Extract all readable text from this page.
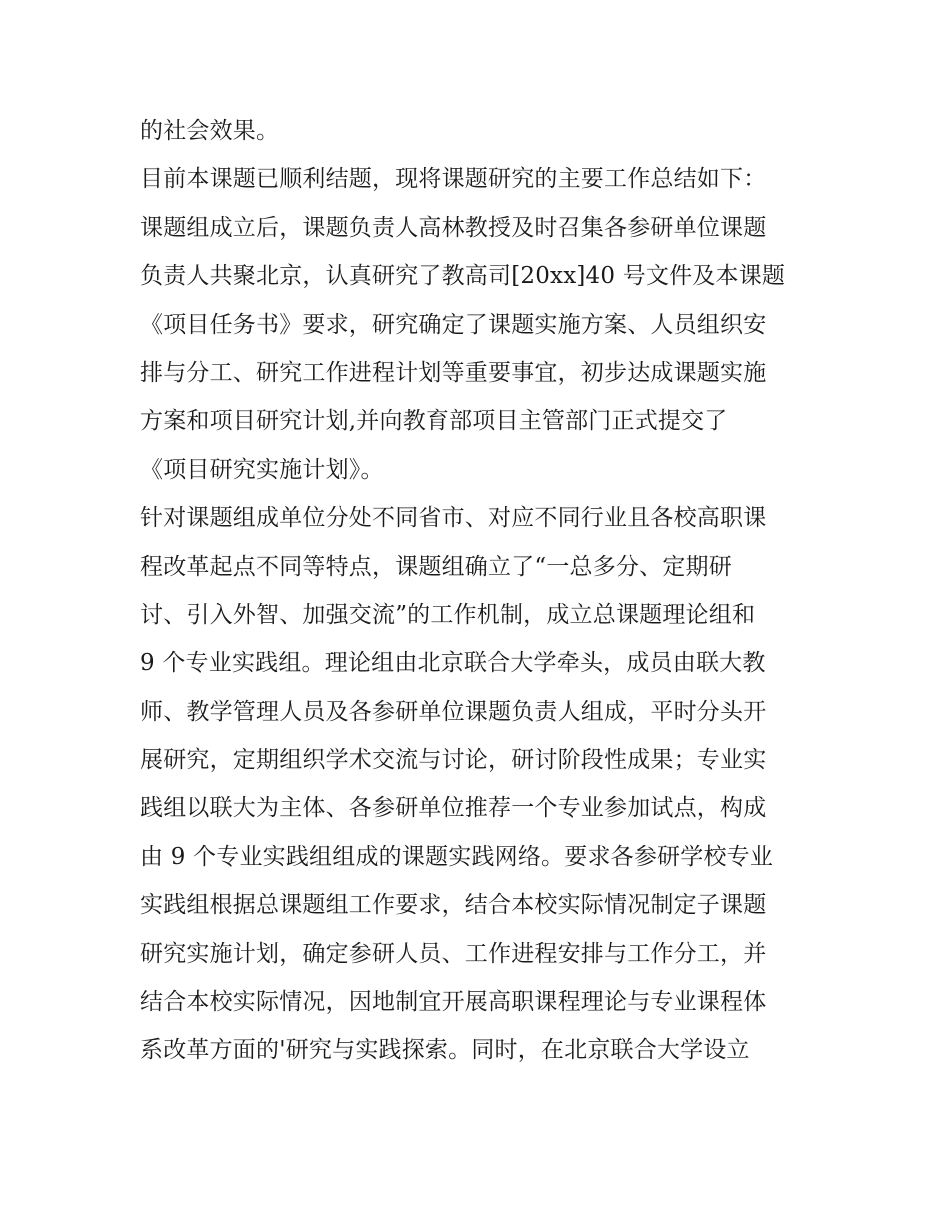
的社会效果。
目前本课题已顺利结题，现将课题研究的主要工作总结如下：
课题组成立后，课题负责人高林教授及时召集各参研单位课题
负责人共聚北京，认真研究了教高司[20xx]40 号文件及本课题
《项目任务书》要求，研究确定了课题实施方案、人员组织安
排与分工、研究工作进程计划等重要事宜，初步达成课题实施
方案和项目研究计划,并向教育部项目主管部门正式提交了
《项目研究实施计划》。
针对课题组成单位分处不同省市、对应不同行业且各校高职课
程改革起点不同等特点，课题组确立了“一总多分、定期研
讨、引入外智、加强交流”的工作机制，成立总课题理论组和
9 个专业实践组。理论组由北京联合大学牵头，成员由联大教
师、教学管理人员及各参研单位课题负责人组成，平时分头开
展研究，定期组织学术交流与讨论，研讨阶段性成果；专业实
践组以联大为主体、各参研单位推荐一个专业参加试点，构成
由 9 个专业实践组组成的课题实践网络。要求各参研学校专业
实践组根据总课题组工作要求，结合本校实际情况制定子课题
研究实施计划，确定参研人员、工作进程安排与工作分工，并
结合本校实际情况，因地制宜开展高职课程理论与专业课程体
系改革方面的'研究与实践探索。同时，在北京联合大学设立
